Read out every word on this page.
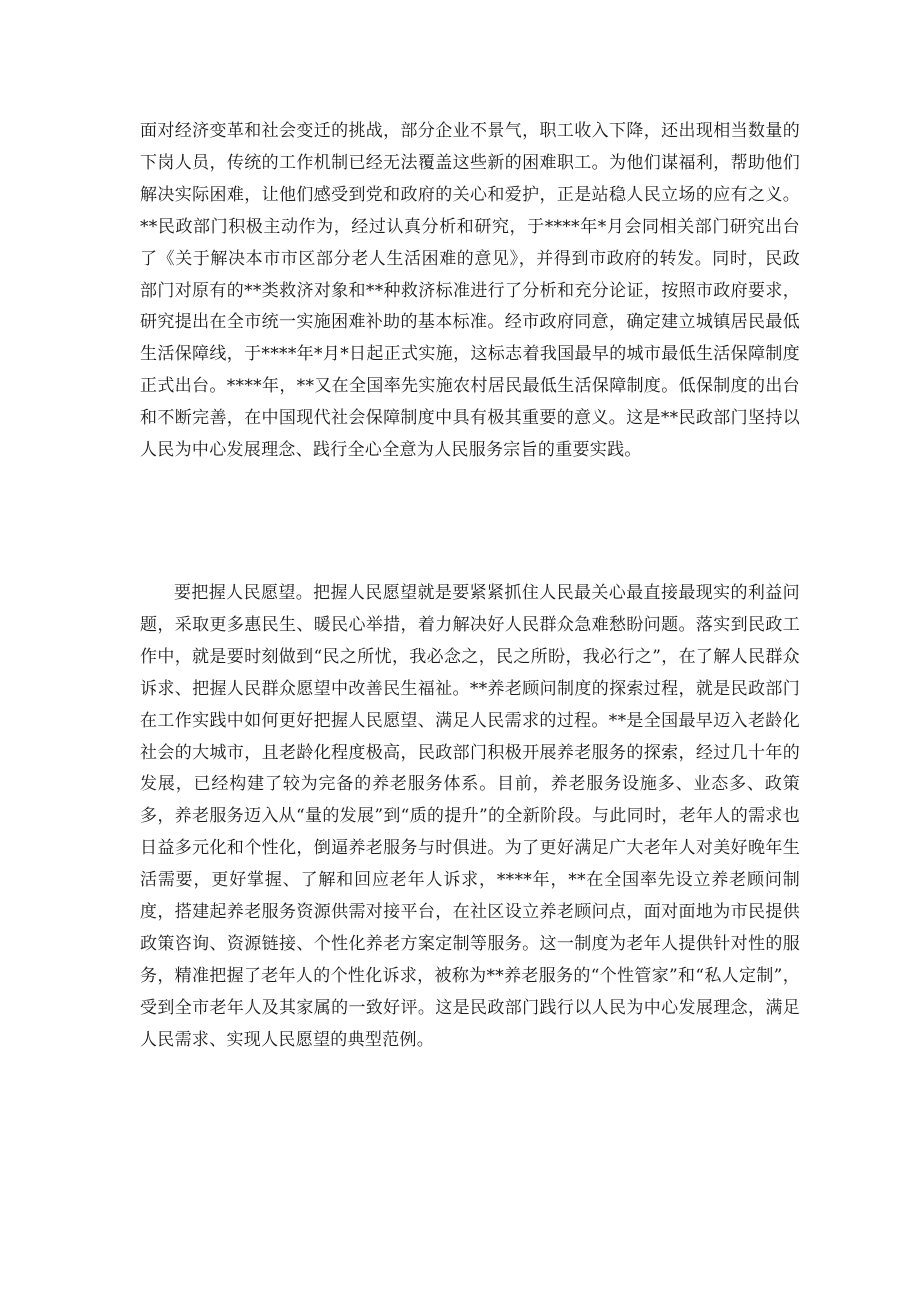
面对经济变革和社会变迁的挑战，部分企业不景气，职工收入下降，还出现相当数量的下岗人员，传统的工作机制已经无法覆盖这些新的困难职工。为他们谋福利，帮助他们解决实际困难，让他们感受到党和政府的关心和爱护，正是站稳人民立场的应有之义。**民政部门积极主动作为，经过认真分析和研究，于****年*月会同相关部门研究出台了《关于解决本市市区部分老人生活困难的意见》，并得到市政府的转发。同时，民政部门对原有的**类救济对象和**种救济标准进行了分析和充分论证，按照市政府要求，研究提出在全市统一实施困难补助的基本标准。经市政府同意，确定建立城镇居民最低生活保障线，于****年*月*日起正式实施，这标志着我国最早的城市最低生活保障制度正式出台。****年，**又在全国率先实施农村居民最低生活保障制度。低保制度的出台和不断完善，在中国现代社会保障制度中具有极其重要的意义。这是**民政部门坚持以人民为中心发展理念、践行全心全意为人民服务宗旨的重要实践。

要把握人民愿望。把握人民愿望就是要紧紧抓住人民最关心最直接最现实的利益问题，采取更多惠民生、暖民心举措，着力解决好人民群众急难愁盼问题。落实到民政工作中，就是要时刻做到“民之所忧，我必念之，民之所盼，我必行之”，在了解人民群众诉求、把握人民群众愿望中改善民生福祉。**养老顾问制度的探索过程，就是民政部门在工作实践中如何更好把握人民愿望、满足人民需求的过程。**是全国最早迈入老龄化社会的大城市，且老龄化程度极高，民政部门积极开展养老服务的探索，经过几十年的发展，已经构建了较为完备的养老服务体系。目前，养老服务设施多、业态多、政策多，养老服务迈入从“量的发展”到“质的提升”的全新阶段。与此同时，老年人的需求也日益多元化和个性化，倒逼养老服务与时俱进。为了更好满足广大老年人对美好晚年生活需要，更好掌握、了解和回应老年人诉求，****年，**在全国率先设立养老顾问制度，搭建起养老服务资源供需对接平台，在社区设立养老顾问点，面对面地为市民提供政策咨询、资源链接、个性化养老方案定制等服务。这一制度为老年人提供针对性的服务，精准把握了老年人的个性化诉求，被称为**养老服务的“个性管家”和“私人定制”，受到全市老年人及其家属的一致好评。这是民政部门践行以人民为中心发展理念，满足人民需求、实现人民愿望的典型范例。
